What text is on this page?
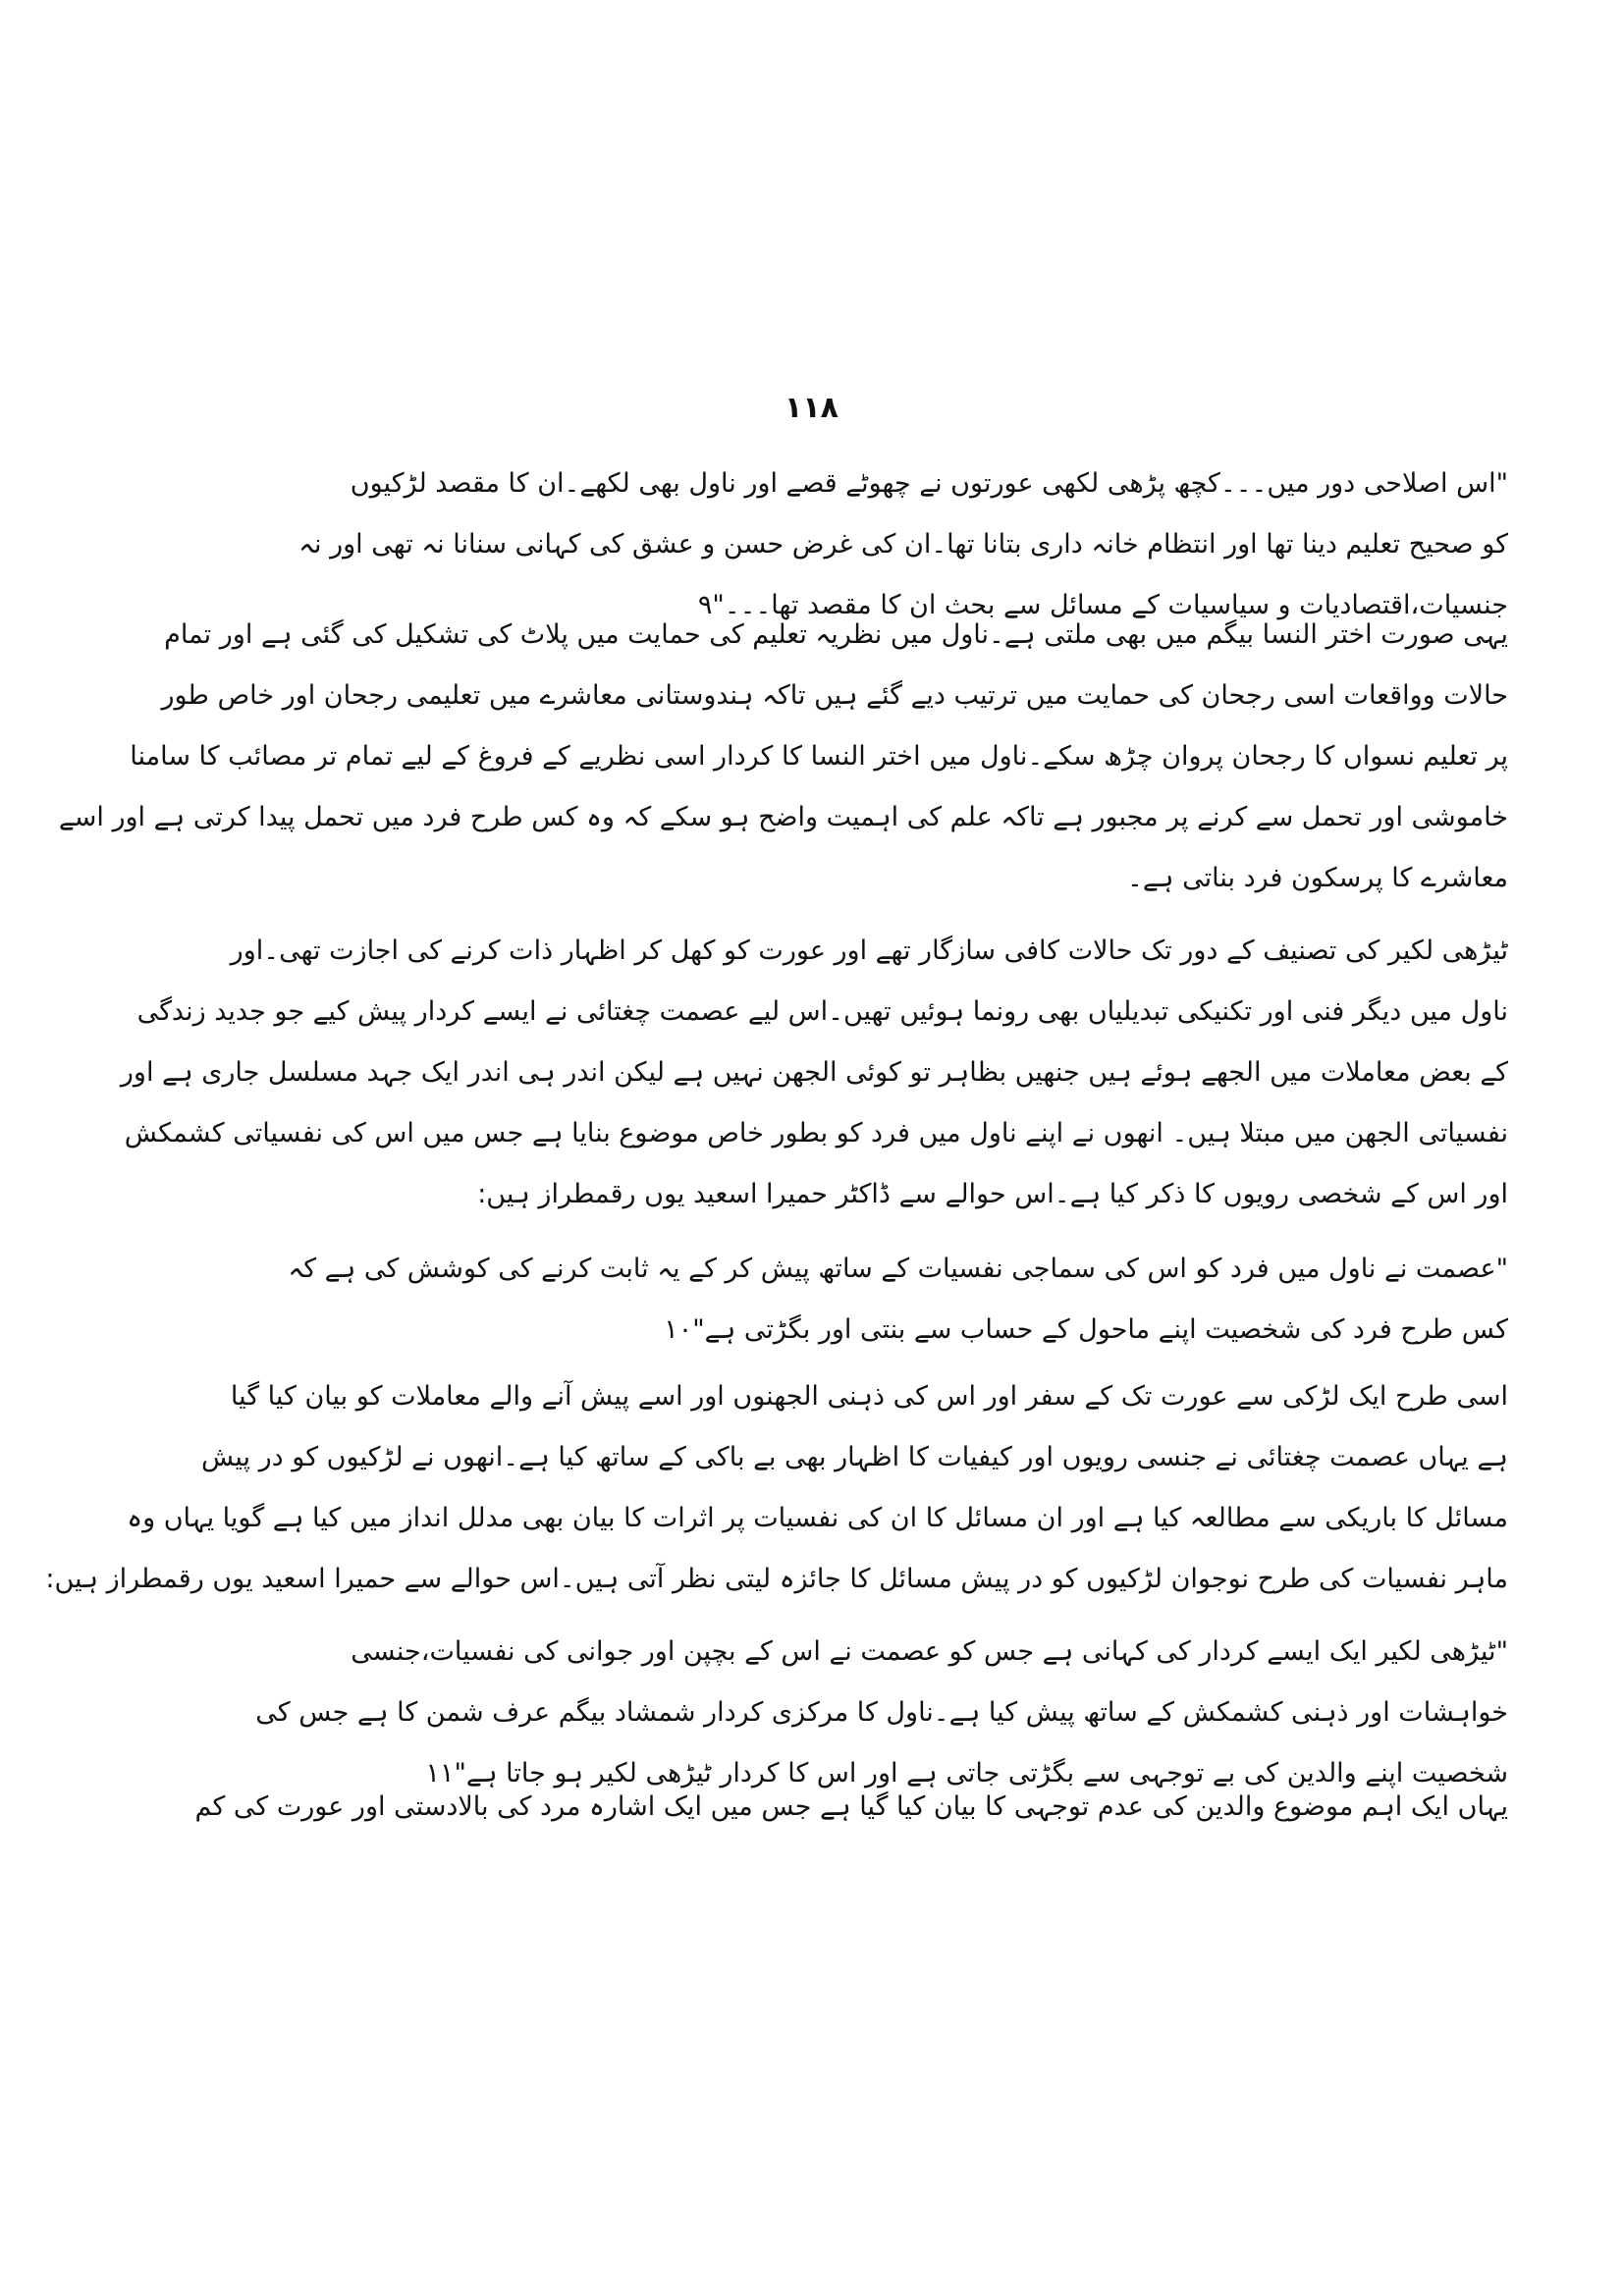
۱۱۸
"اس اصلاحی دور میں۔۔۔کچھ پڑھی لکھی عورتوں نے چھوٹے قصے اور ناول بھی لکھے۔ان کا مقصد لڑکیوں
کو صحیح تعلیم دینا تھا اور انتظام خانہ داری بتانا تھا۔ان کی غرض حسن و عشق کی کہانی سنانا نہ تھی اور نہ
جنسیات،اقتصادیات و سیاسیات کے مسائل سے بحث ان کا مقصد تھا۔۔۔"۹
یہی صورت اختر النسا بیگم میں بھی ملتی ہے۔ناول میں نظریہ تعلیم کی حمایت میں پلاٹ کی تشکیل کی گئی ہے اور تمام
حالات وواقعات اسی رجحان کی حمایت میں ترتیب دیے گئے ہیں تاکہ ہندوستانی معاشرے میں تعلیمی رجحان اور خاص طور
پر تعلیم نسواں کا رجحان پروان چڑھ سکے۔ناول میں اختر النسا کا کردار اسی نظریے کے فروغ کے لیے تمام تر مصائب کا سامنا
خاموشی اور تحمل سے کرنے پر مجبور ہے تاکہ علم کی اہمیت واضح ہو سکے کہ وہ کس طرح فرد میں تحمل پیدا کرتی ہے اور اسے
معاشرے کا پرسکون فرد بناتی ہے۔
ٹیڑھی لکیر کی تصنیف کے دور تک حالات کافی سازگار تھے اور عورت کو کھل کر اظہار ذات کرنے کی اجازت تھی۔اور
ناول میں دیگر فنی اور تکنیکی تبدیلیاں بھی رونما ہوئیں تھیں۔اس لیے عصمت چغتائی نے ایسے کردار پیش کیے جو جدید زندگی
کے بعض معاملات میں الجھے ہوئے ہیں جنھیں بظاہر تو کوئی الجھن نہیں ہے لیکن اندر ہی اندر ایک جہد مسلسل جاری ہے اور
نفسیاتی الجھن میں مبتلا ہیں۔ انھوں نے اپنے ناول میں فرد کو بطور خاص موضوع بنایا ہے جس میں اس کی نفسیاتی کشمکش
اور اس کے شخصی رویوں کا ذکر کیا ہے۔اس حوالے سے ڈاکٹر حمیرا اسعید یوں رقمطراز ہیں:
"عصمت نے ناول میں فرد کو اس کی سماجی نفسیات کے ساتھ پیش کر کے یہ ثابت کرنے کی کوشش کی ہے کہ
کس طرح فرد کی شخصیت اپنے ماحول کے حساب سے بنتی اور بگڑتی ہے"۱۰
اسی طرح ایک لڑکی سے عورت تک کے سفر اور اس کی ذہنی الجھنوں اور اسے پیش آنے والے معاملات کو بیان کیا گیا
ہے یہاں عصمت چغتائی نے جنسی رویوں اور کیفیات کا اظہار بھی بے باکی کے ساتھ کیا ہے۔انھوں نے لڑکیوں کو در پیش
مسائل کا باریکی سے مطالعہ کیا ہے اور ان مسائل کا ان کی نفسیات پر اثرات کا بیان بھی مدلل انداز میں کیا ہے گویا یہاں وہ
ماہر نفسیات کی طرح نوجوان لڑکیوں کو در پیش مسائل کا جائزہ لیتی نظر آتی ہیں۔اس حوالے سے حمیرا اسعید یوں رقمطراز ہیں:
"ٹیڑھی لکیر ایک ایسے کردار کی کہانی ہے جس کو عصمت نے اس کے بچپن اور جوانی کی نفسیات،جنسی
خواہشات اور ذہنی کشمکش کے ساتھ پیش کیا ہے۔ناول کا مرکزی کردار شمشاد بیگم عرف شمن کا ہے جس کی
شخصیت اپنے والدین کی بے توجہی سے بگڑتی جاتی ہے اور اس کا کردار ٹیڑھی لکیر ہو جاتا ہے"۱۱
یہاں ایک اہم موضوع والدین کی عدم توجہی کا بیان کیا گیا ہے جس میں ایک اشارہ مرد کی بالادستی اور عورت کی کم
